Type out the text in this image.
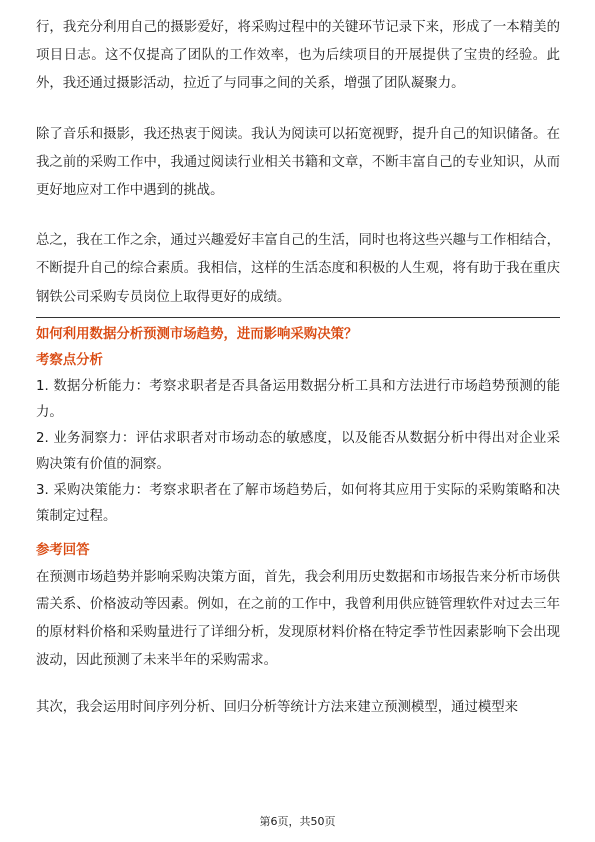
行，我充分利用自己的摄影爱好，将采购过程中的关键环节记录下来，形成了一本精美的项目日志。这不仅提高了团队的工作效率，也为后续项目的开展提供了宝贵的经验。此外，我还通过摄影活动，拉近了与同事之间的关系，增强了团队凝聚力。

除了音乐和摄影，我还热衷于阅读。我认为阅读可以拓宽视野，提升自己的知识储备。在我之前的采购工作中，我通过阅读行业相关书籍和文章，不断丰富自己的专业知识，从而更好地应对工作中遇到的挑战。

总之，我在工作之余，通过兴趣爱好丰富自己的生活，同时也将这些兴趣与工作相结合，不断提升自己的综合素质。我相信，这样的生活态度和积极的人生观，将有助于我在重庆钢铁公司采购专员岗位上取得更好的成绩。

如何利用数据分析预测市场趋势，进而影响采购决策？

考察点分析

1. 数据分析能力：考察求职者是否具备运用数据分析工具和方法进行市场趋势预测的能力。

2. 业务洞察力：评估求职者对市场动态的敏感度，以及能否从数据分析中得出对企业采购决策有价值的洞察。

3. 采购决策能力：考察求职者在了解市场趋势后，如何将其应用于实际的采购策略和决策制定过程。

参考回答

在预测市场趋势并影响采购决策方面，首先，我会利用历史数据和市场报告来分析市场供需关系、价格波动等因素。例如，在之前的工作中，我曾利用供应链管理软件对过去三年的原材料价格和采购量进行了详细分析，发现原材料价格在特定季节性因素影响下会出现波动，因此预测了未来半年的采购需求。

其次，我会运用时间序列分析、回归分析等统计方法来建立预测模型，通过模型来

第6页，共50页
